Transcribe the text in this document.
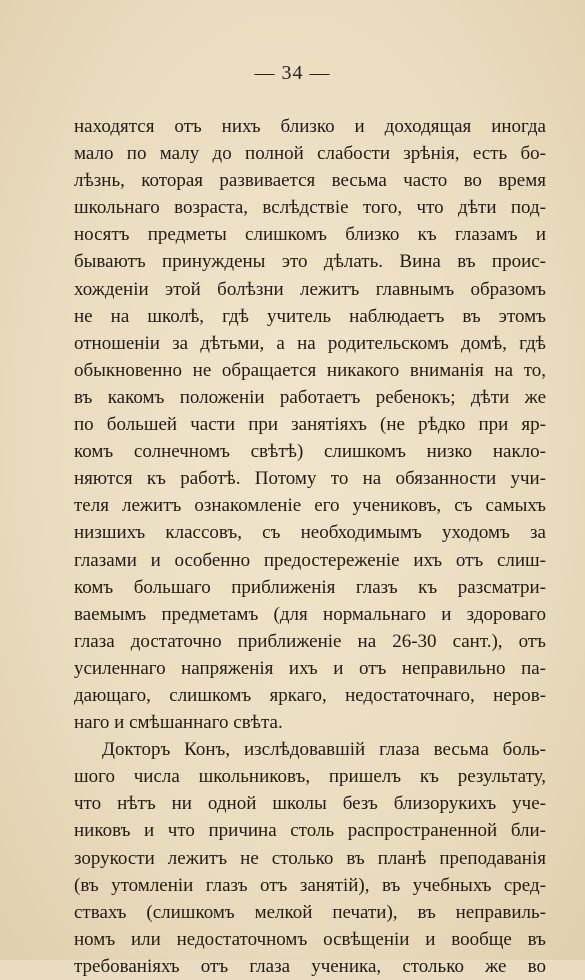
— 34 —
находятся отъ нихъ близко и доходящая иногда
мало по малу до полной слабости зрѣнія, есть бо-
лѣзнь, которая развивается весьма часто во время
школьнаго возраста, вслѣдствіе того, что дѣти под-
носятъ предметы слишкомъ близко къ глазамъ и
бываютъ принуждены это дѣлать. Вина въ проис-
хожденіи этой болѣзни лежитъ главнымъ образомъ
не на школѣ, гдѣ учитель наблюдаетъ въ этомъ
отношеніи за дѣтьми, а на родительскомъ домѣ, гдѣ
обыкновенно не обращается никакого вниманія на то,
въ какомъ положеніи работаетъ ребенокъ; дѣти же
по большей части при занятіяхъ (не рѣдко при яр-
комъ солнечномъ свѣтѣ) слишкомъ низко накло-
няются къ работѣ. Потому то на обязанности учи-
теля лежитъ ознакомленіе его учениковъ, съ самыхъ
низшихъ классовъ, съ необходимымъ уходомъ за
глазами и особенно предостереженіе ихъ отъ слиш-
комъ большаго приближенія глазъ къ разсматри-
ваемымъ предметамъ (для нормальнаго и здороваго
глаза достаточно приближеніе на 26-30 сант.), отъ
усиленнаго напряженія ихъ и отъ неправильно па-
дающаго, слишкомъ яркаго, недостаточнаго, неров-
наго и смѣшаннаго свѣта.
Докторъ Конъ, изслѣдовавшій глаза весьма боль-
шого числа школьниковъ, пришелъ къ результату,
что нѣтъ ни одной школы безъ близорукихъ уче-
никовъ и что причина столь распространенной бли-
зорукости лежитъ не столько въ планѣ преподаванія
(въ утомленіи глазъ отъ занятій), въ учебныхъ сред-
ствахъ (слишкомъ мелкой печати), въ неправиль-
номъ или недостаточномъ освѣщеніи и вообще въ
требованіяхъ отъ глаза ученика, столько же во
